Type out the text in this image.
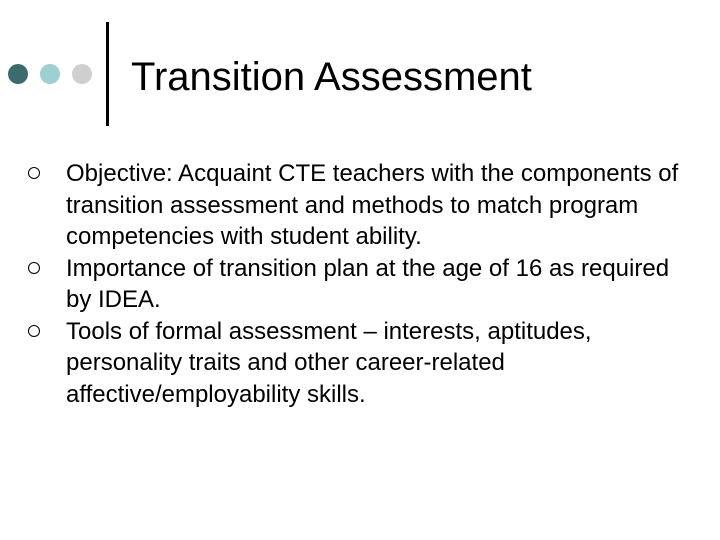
Transition Assessment
Objective: Acquaint CTE teachers with the components of transition assessment and methods to match program competencies with student ability.
Importance of transition plan at the age of 16 as required by IDEA.
Tools of formal assessment – interests, aptitudes, personality traits and other career-related affective/employability skills.
